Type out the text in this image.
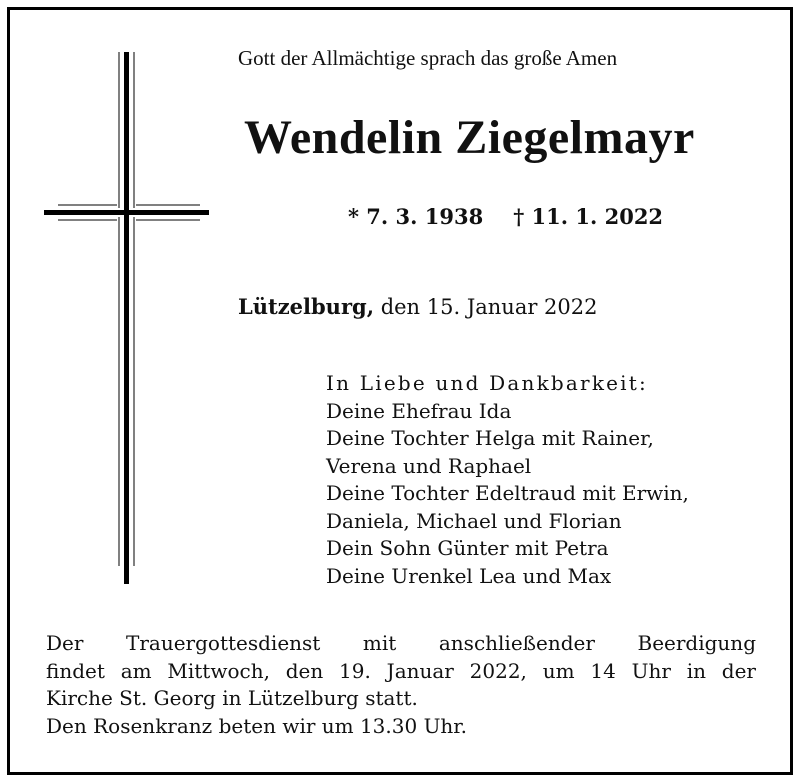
Gott der Allmächtige sprach das große Amen
Wendelin Ziegelmayr
* 7. 3. 1938 † 11. 1. 2022
Lützelburg, den 15. Januar 2022
In Liebe und Dankbarkeit:
Deine Ehefrau Ida
Deine Tochter Helga mit Rainer,
Verena und Raphael
Deine Tochter Edeltraud mit Erwin,
Daniela, Michael und Florian
Dein Sohn Günter mit Petra
Deine Urenkel Lea und Max
Der Trauergottesdienst mit anschließender Beerdigung
findet am Mittwoch, den 19. Januar 2022, um 14 Uhr in der
Kirche St. Georg in Lützelburg statt.
Den Rosenkranz beten wir um 13.30 Uhr.
